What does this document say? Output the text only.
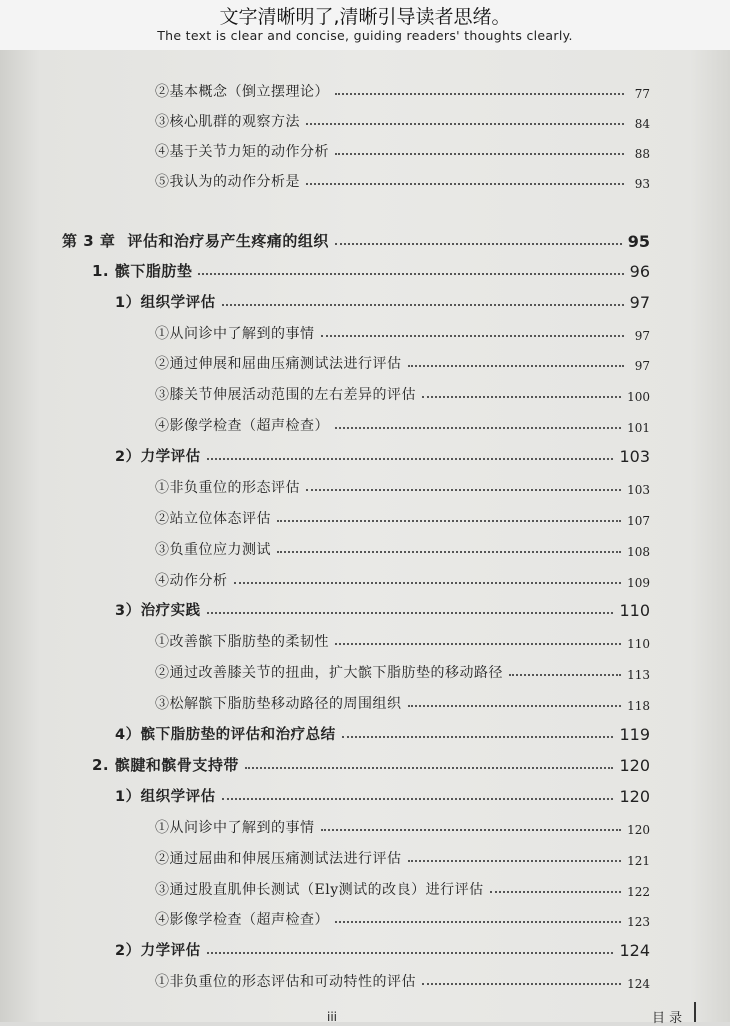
文字清晰明了,清晰引导读者思绪。
The text is clear and concise, guiding readers' thoughts clearly.
②基本概念（倒立摆理论）	77
③核心肌群的观察方法	84
④基于关节力矩的动作分析	88
⑤我认为的动作分析是	93
第 3 章 评估和治疗易产生疼痛的组织	95
1. 髌下脂肪垫	96
1）组织学评估	97
①从问诊中了解到的事情	97
②通过伸展和屈曲压痛测试法进行评估	97
③膝关节伸展活动范围的左右差异的评估	100
④影像学检查（超声检查）	101
2）力学评估	103
①非负重位的形态评估	103
②站立位体态评估	107
③负重位应力测试	108
④动作分析	109
3）治疗实践	110
①改善髌下脂肪垫的柔韧性	110
②通过改善膝关节的扭曲，扩大髌下脂肪垫的移动路径	113
③松解髌下脂肪垫移动路径的周围组织	118
4）髌下脂肪垫的评估和治疗总结	119
2. 髌腱和髌骨支持带	120
1）组织学评估	120
①从问诊中了解到的事情	120
②通过屈曲和伸展压痛测试法进行评估	121
③通过股直肌伸长测试（Ely测试的改良）进行评估	122
④影像学检查（超声检查）	123
2）力学评估	124
①非负重位的形态评估和可动特性的评估	124
iii	目 录
